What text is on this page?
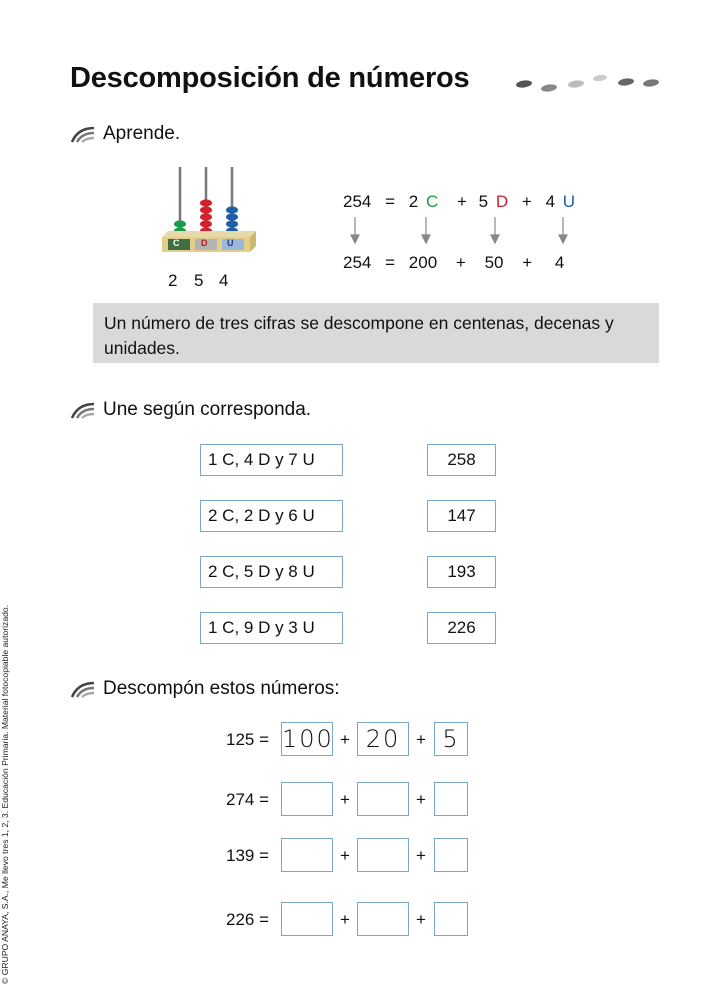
Descomposición de números
Aprende.
C D U
2 5 4
254 = 2 C + 5 D + 4 U
254 = 200 + 50 + 4
Un número de tres cifras se descompone en centenas, decenas y unidades.
Une según corresponda.
1 C, 4 D y 7 U
2 C, 2 D y 6 U
2 C, 5 D y 8 U
1 C, 9 D y 3 U
258
147
193
226
Descompón estos números:
125 = 100 + 20 + 5
274 =	+	+
139 =	+	+
226 =	+	+
© GRUPO ANAYA, S.A., Me llevo tres 1, 2, 3. Educación Primaria. Material fotocopiable autorizado.
